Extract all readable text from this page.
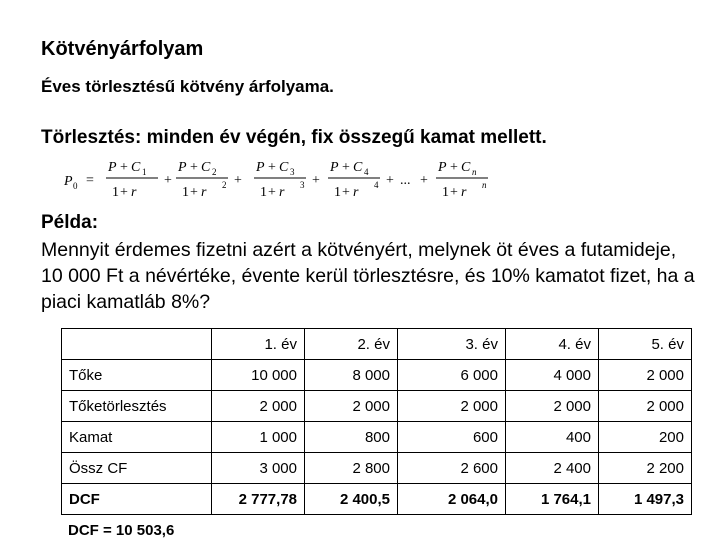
Kötvényárfolyam
Éves törlesztésű kötvény árfolyama.
Törlesztés: minden év végén, fix összegű kamat mellett.
P 0 =
P + C 1
1 + r
+
P + C 2
1 + r 2 +
P + C 3
1 + r 3 +
P + C 4
1 + r 4 + ... +
P + C n
1 + r n
Példa:
Mennyit érdemes fizetni azért a kötvényért, melynek öt éves a futamideje, 10 000 Ft a névértéke, évente kerül törlesztésre, és 10% kamatot fizet, ha a piaci kamatláb 8%?
	1. év	2. év	3. év	4. év	5. év
Tőke	10 000	8 000	6 000	4 000	2 000
Tőketörlesztés	2 000	2 000	2 000	2 000	2 000
Kamat	1 000	800	600	400	200
Össz CF	3 000	2 800	2 600	2 400	2 200
DCF	2 777,78	2 400,5	2 064,0	1 764,1	1 497,3
DCF = 10 503,6
